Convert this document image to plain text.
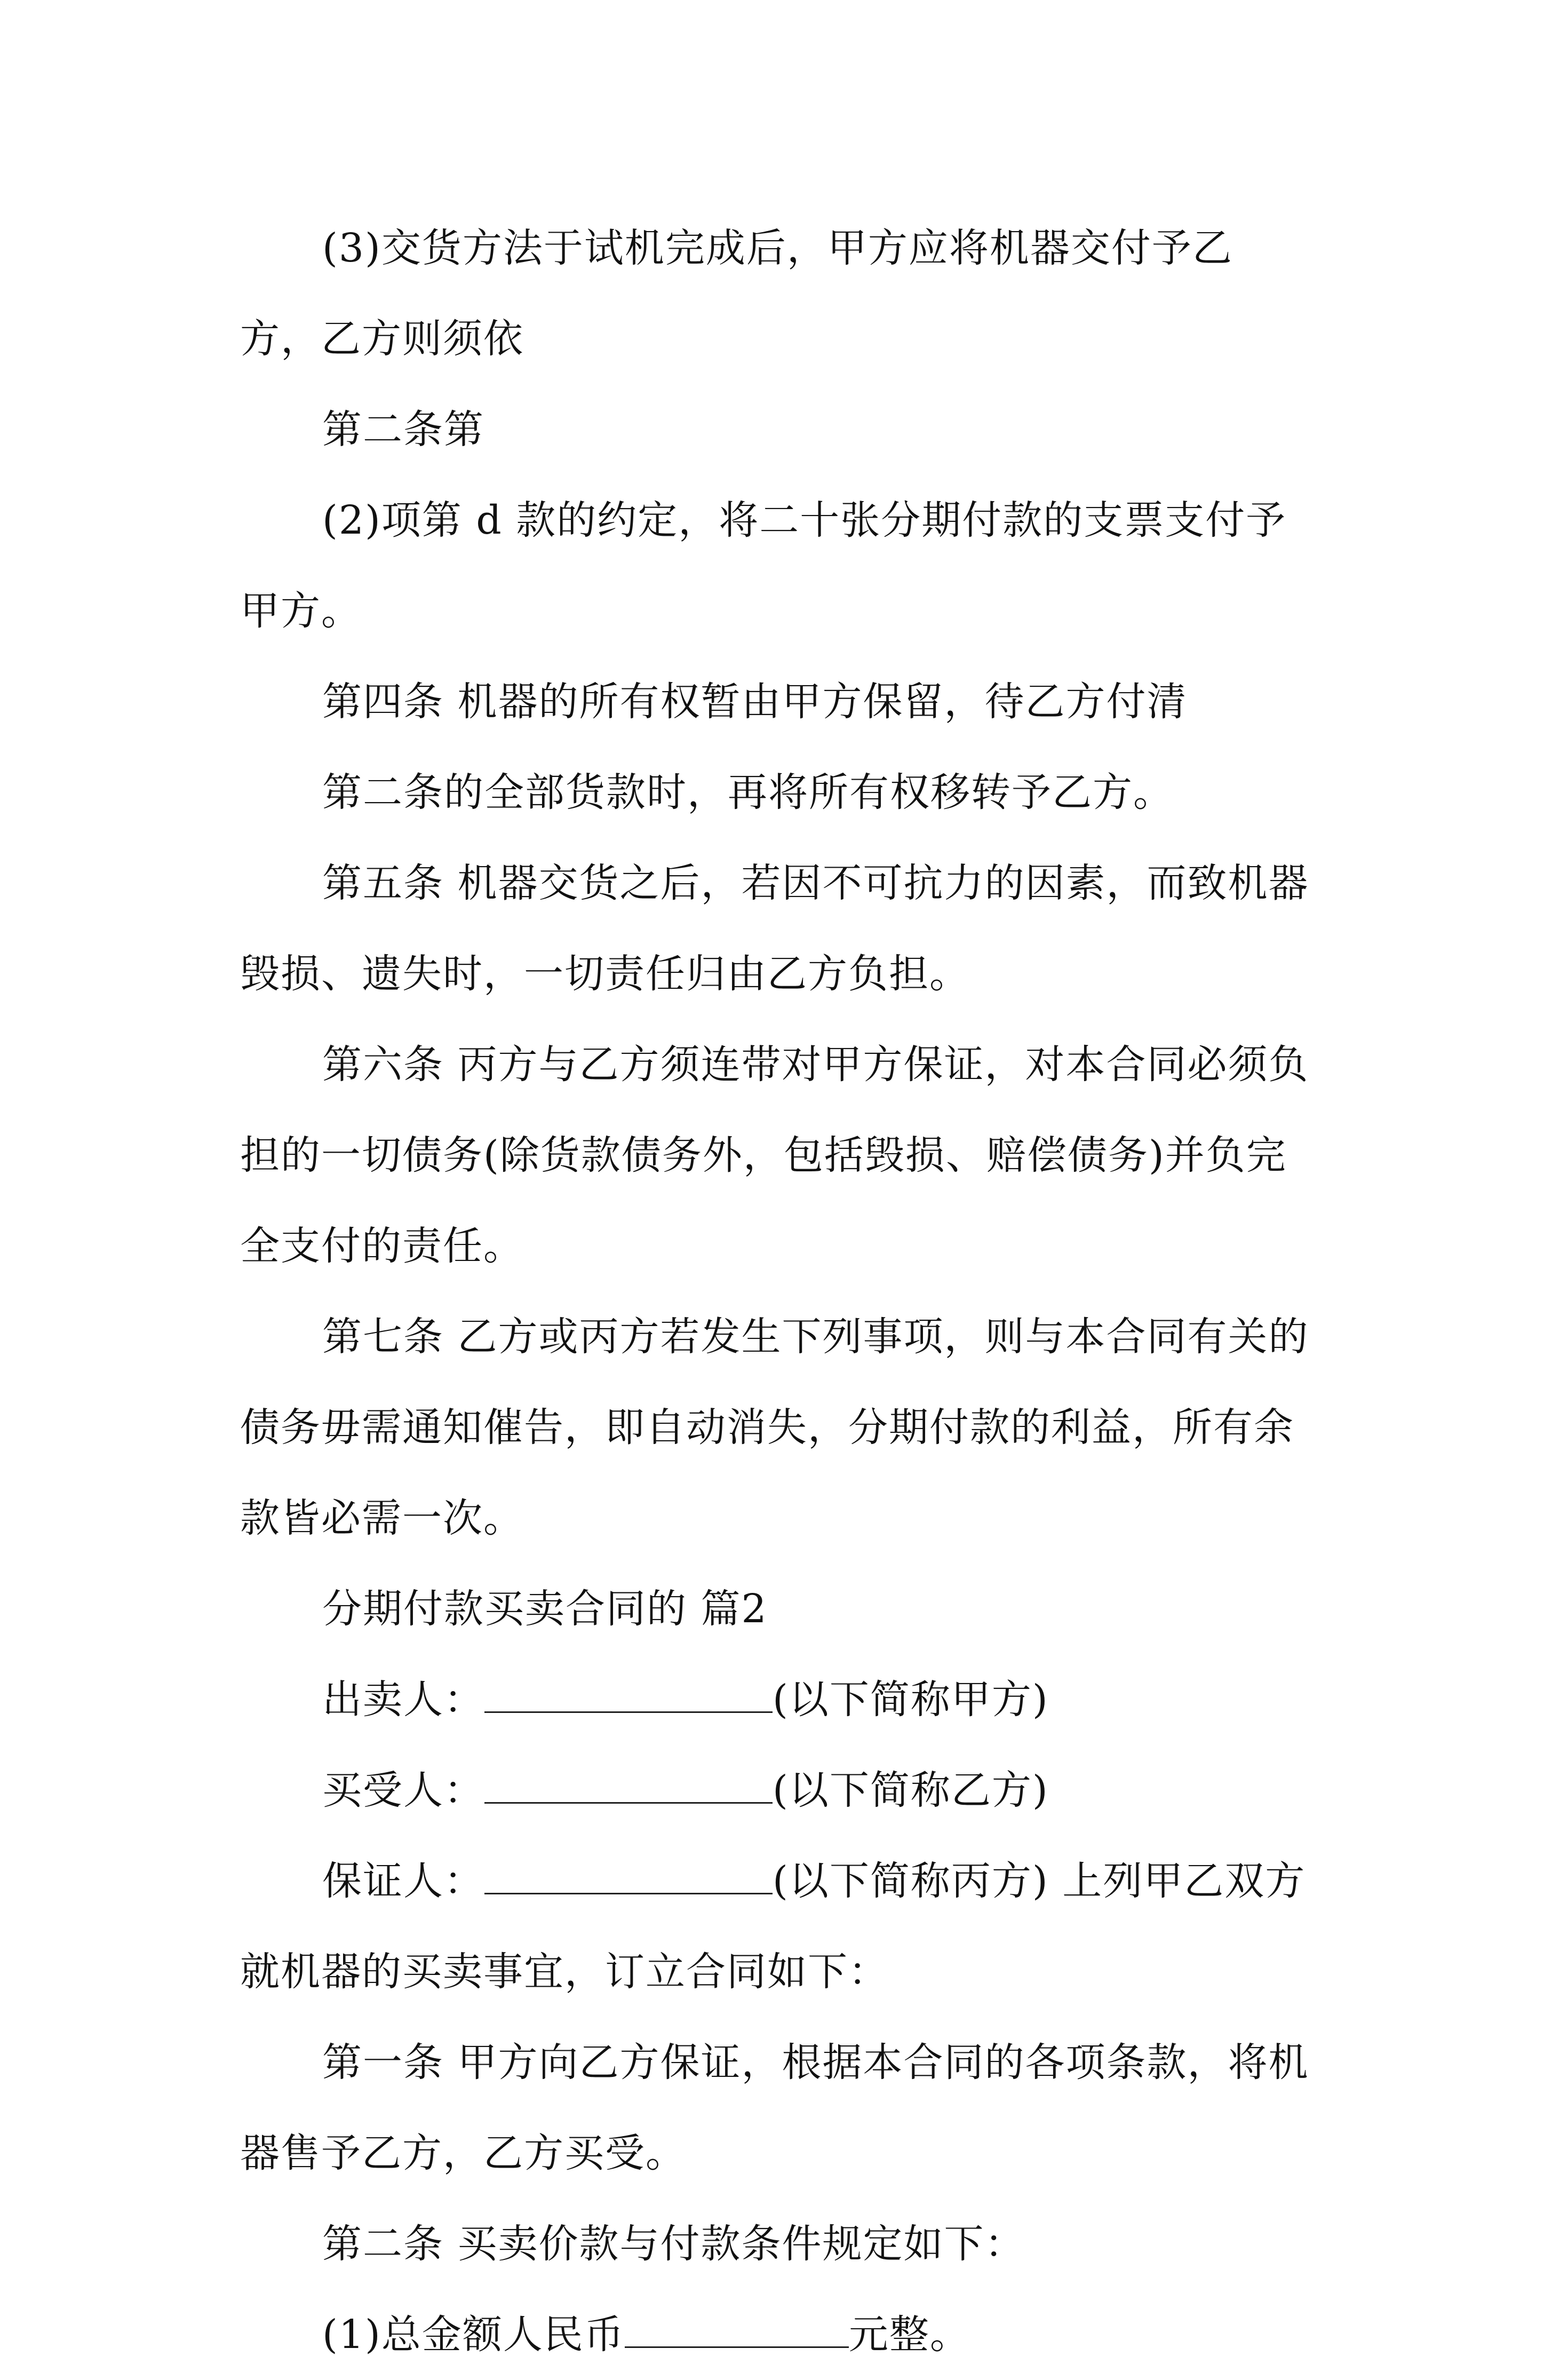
(3)交货方法于试机完成后，甲方应将机器交付予乙方，乙方则须依

第二条第

(2)项第 d 款的约定，将二十张分期付款的支票支付予甲方。

第四条 机器的所有权暂由甲方保留，待乙方付清

第二条的全部货款时，再将所有权移转予乙方。

第五条 机器交货之后，若因不可抗力的因素，而致机器毁损、遗失时，一切责任归由乙方负担。

第六条 丙方与乙方须连带对甲方保证，对本合同必须负担的一切债务(除货款债务外，包括毁损、赔偿债务)并负完全支付的责任。

第七条 乙方或丙方若发生下列事项，则与本合同有关的债务毋需通知催告，即自动消失，分期付款的利益，所有余款皆必需一次。

分期付款买卖合同的 篇2

出卖人：	(以下简称甲方)

买受人：	(以下简称乙方)

保证人：	(以下简称丙方) 上列甲乙双方就机器的买卖事宜，订立合同如下：

第一条 甲方向乙方保证，根据本合同的各项条款，将机器售予乙方，乙方买受。

第二条 买卖价款与付款条件规定如下：

(1)总金额人民币	元整。
